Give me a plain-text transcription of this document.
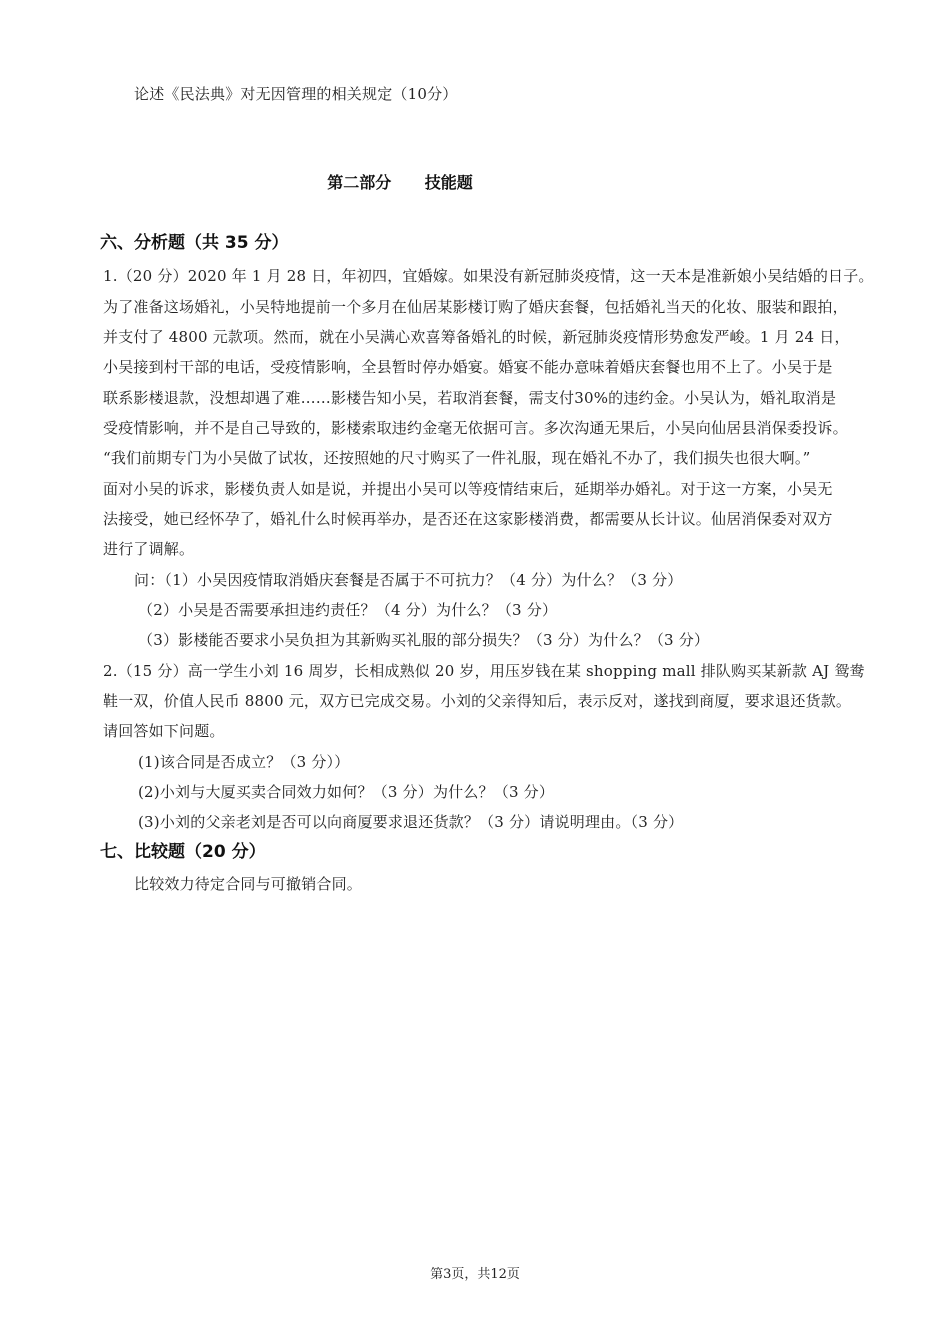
论述《民法典》对无因管理的相关规定（10分）
第二部分      技能题
六、分析题（共 35 分）
1.（20 分）2020 年 1 月 28 日，年初四，宜婚嫁。如果没有新冠肺炎疫情，这一天本是准新娘小吴结婚的日子。
为了准备这场婚礼，小吴特地提前一个多月在仙居某影楼订购了婚庆套餐，包括婚礼当天的化妆、服装和跟拍，
并支付了 4800 元款项。然而，就在小吴满心欢喜筹备婚礼的时候，新冠肺炎疫情形势愈发严峻。1 月 24 日，
小吴接到村干部的电话，受疫情影响，全县暂时停办婚宴。婚宴不能办意味着婚庆套餐也用不上了。小吴于是
联系影楼退款，没想却遇了难……影楼告知小吴，若取消套餐，需支付30%的违约金。小吴认为，婚礼取消是
受疫情影响，并不是自己导致的，影楼索取违约金毫无依据可言。多次沟通无果后，小吴向仙居县消保委投诉。
“我们前期专门为小吴做了试妆，还按照她的尺寸购买了一件礼服，现在婚礼不办了，我们损失也很大啊。”
面对小吴的诉求，影楼负责人如是说，并提出小吴可以等疫情结束后，延期举办婚礼。对于这一方案，小吴无
法接受，她已经怀孕了，婚礼什么时候再举办，是否还在这家影楼消费，都需要从长计议。仙居消保委对双方
进行了调解。
问：（1）小吴因疫情取消婚庆套餐是否属于不可抗力？（4 分）为什么？（3 分）
（2）小吴是否需要承担违约责任？（4 分）为什么？（3 分）
（3）影楼能否要求小吴负担为其新购买礼服的部分损失？（3 分）为什么？（3 分）
2.（15 分）高一学生小刘 16 周岁，长相成熟似 20 岁，用压岁钱在某 shopping mall 排队购买某新款 AJ 鸳鸯
鞋一双，价值人民币 8800 元，双方已完成交易。小刘的父亲得知后，表示反对，遂找到商厦，要求退还货款。
请回答如下问题。
(1)该合同是否成立？（3 分））
(2)小刘与大厦买卖合同效力如何？（3 分）为什么？（3 分）
(3)小刘的父亲老刘是否可以向商厦要求退还货款？（3 分）请说明理由。（3 分）
七、比较题（20 分）
比较效力待定合同与可撤销合同。
第3页，共12页
